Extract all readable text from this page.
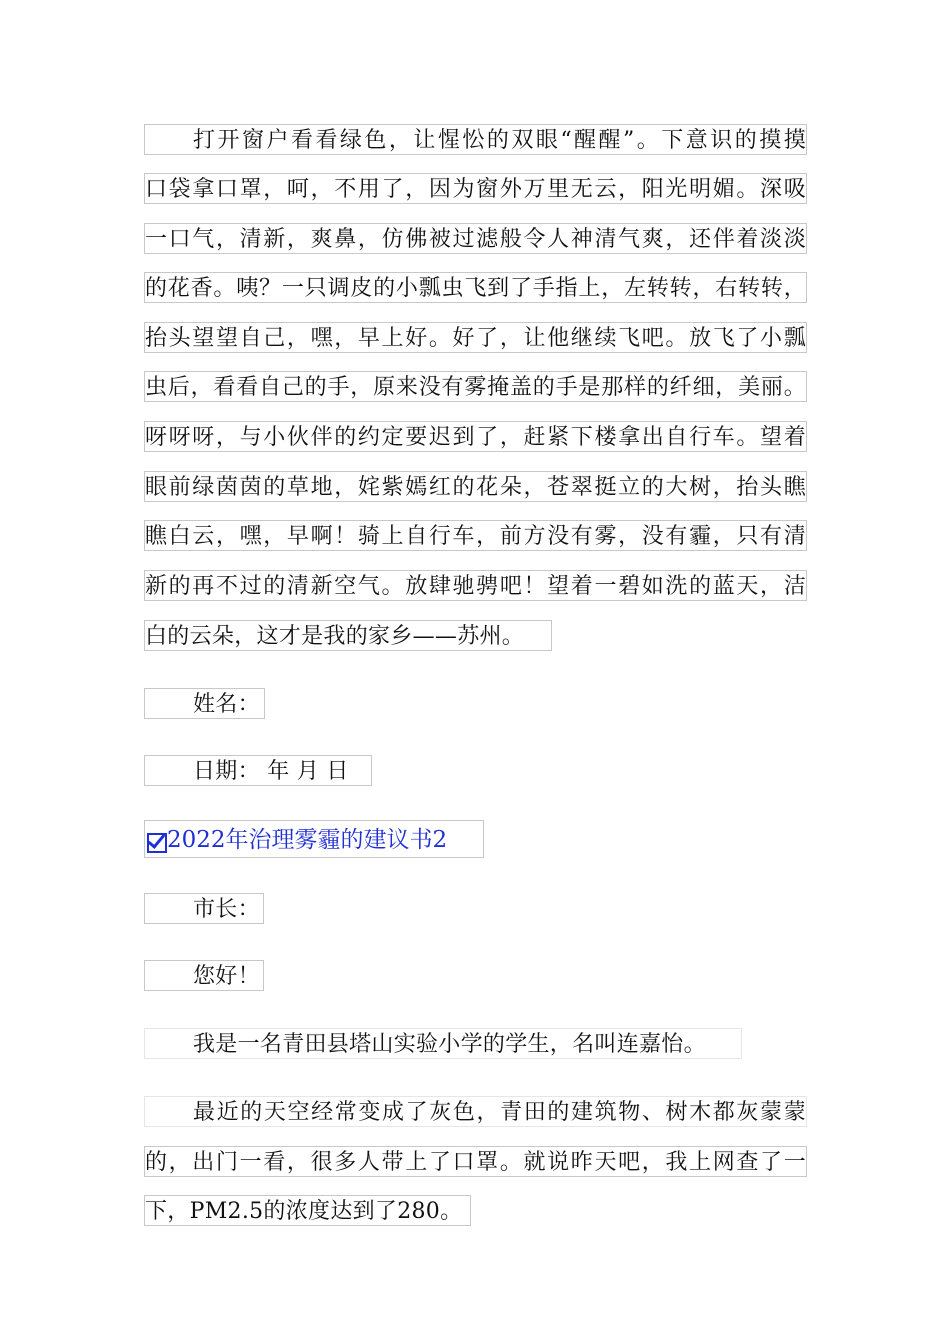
打开窗户看看绿色，让惺忪的双眼“醒醒”。下意识的摸摸
口袋拿口罩，呵，不用了，因为窗外万里无云，阳光明媚。深吸
一口气，清新，爽鼻，仿佛被过滤般令人神清气爽，还伴着淡淡
的花香。咦？一只调皮的小瓢虫飞到了手指上，左转转，右转转，
抬头望望自己，嘿，早上好。好了，让他继续飞吧。放飞了小瓢
虫后，看看自己的手，原来没有雾掩盖的手是那样的纤细，美丽。
呀呀呀，与小伙伴的约定要迟到了，赶紧下楼拿出自行车。望着
眼前绿茵茵的草地，姹紫嫣红的花朵，苍翠挺立的大树，抬头瞧
瞧白云，嘿，早啊！骑上自行车，前方没有雾，没有霾，只有清
新的再不过的清新空气。放肆驰骋吧！望着一碧如洗的蓝天，洁
白的云朵，这才是我的家乡——苏州。
姓名：
日期： 年 月 日
2022年治理雾霾的建议书2
市长：
您好！
我是一名青田县塔山实验小学的学生，名叫连嘉怡。
最近的天空经常变成了灰色，青田的建筑物、树木都灰蒙蒙
的，出门一看，很多人带上了口罩。就说昨天吧，我上网查了一
下，PM2.5的浓度达到了280。
